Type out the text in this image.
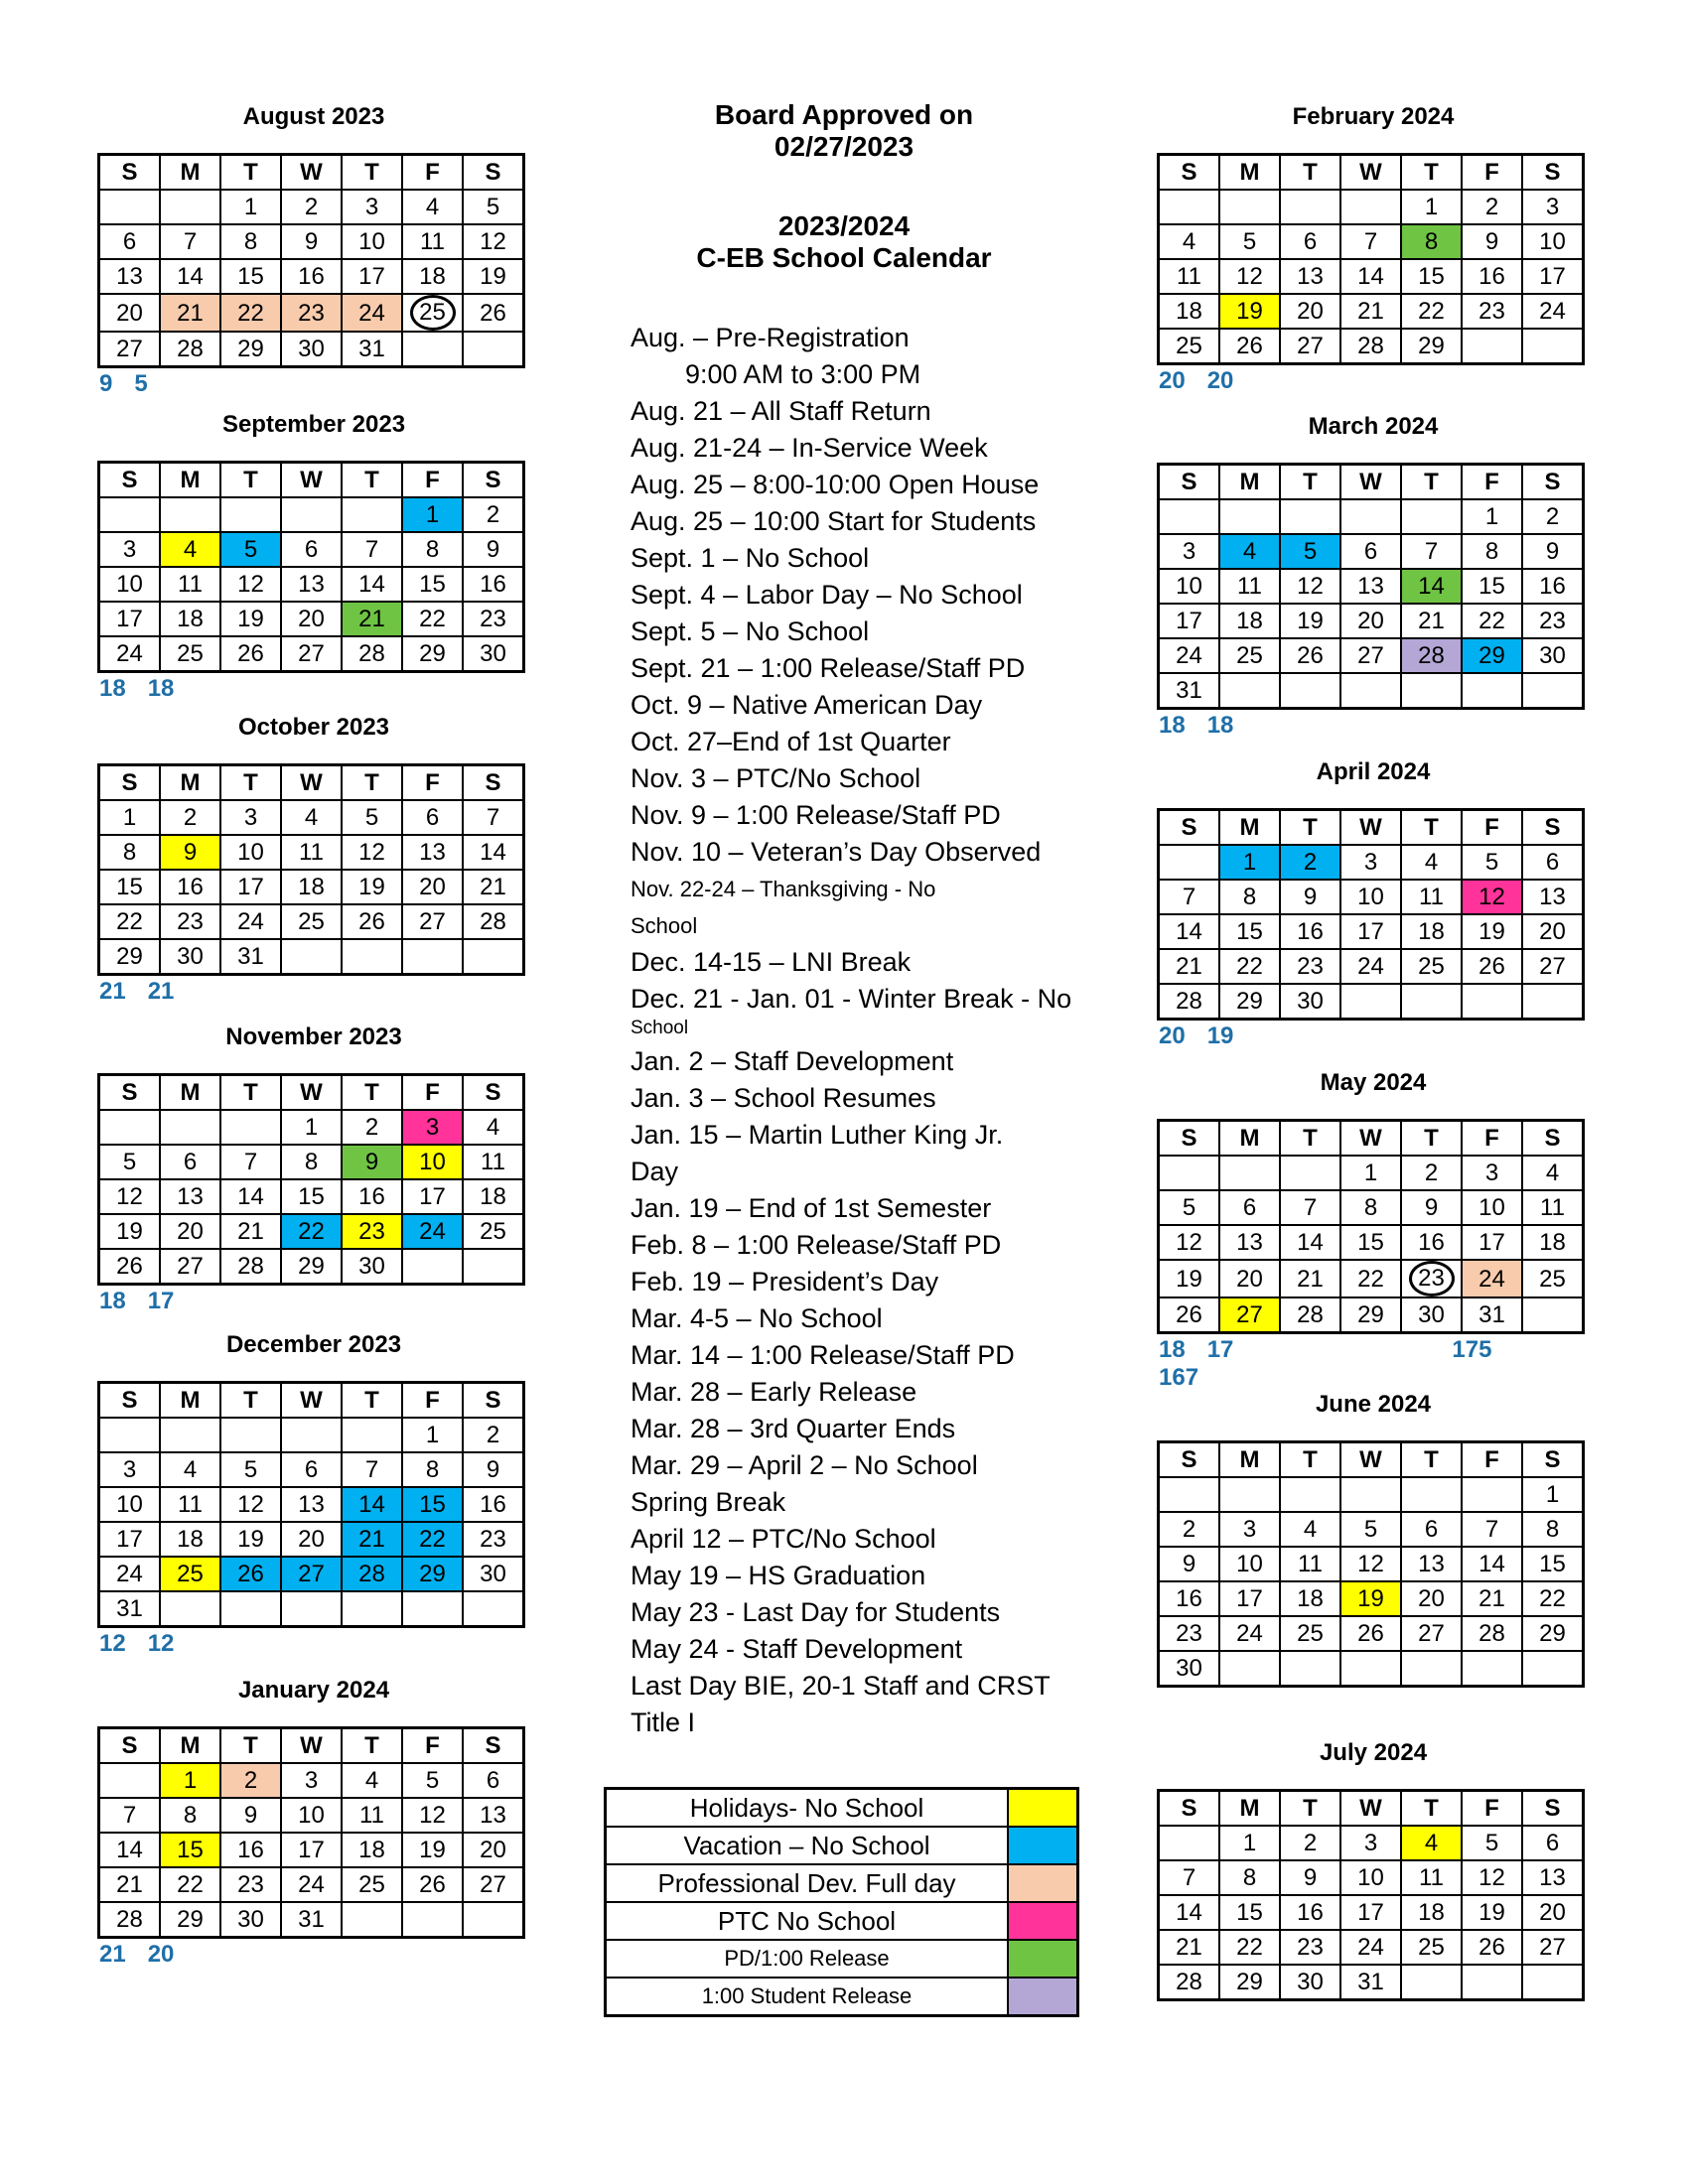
Board Approved on
02/27/2023
2023/2024
C-EB School Calendar
Aug. – Pre-Registration
9:00 AM to 3:00 PM
Aug. 21 – All Staff Return
Aug. 21-24 – In-Service Week
Aug. 25 – 8:00-10:00 Open House
Aug. 25 – 10:00 Start for Students
Sept. 1 – No School
Sept. 4 – Labor Day – No School
Sept. 5 – No School
Sept. 21 – 1:00 Release/Staff PD
Oct. 9 – Native American Day
Oct. 27–End of 1st Quarter
Nov. 3 – PTC/No School
Nov. 9 – 1:00 Release/Staff PD
Nov. 10 – Veteran’s Day Observed
Nov. 22-24 – Thanksgiving - No
School
Dec. 14-15 – LNI Break
Dec. 21 - Jan. 01 - Winter Break - No
School
Jan. 2 – Staff Development
Jan. 3 – School Resumes
Jan. 15 – Martin Luther King Jr.
Day
Jan. 19 – End of 1st Semester
Feb. 8 – 1:00 Release/Staff PD
Feb. 19 – President’s Day
Mar. 4-5 – No School
Mar. 14 – 1:00 Release/Staff PD
Mar. 28 – Early Release
Mar. 28 – 3rd Quarter Ends
Mar. 29 – April 2 – No School
Spring Break
April 12 – PTC/No School
May 19 – HS Graduation
May 23 - Last Day for Students
May 24 - Staff Development
Last Day BIE, 20-1 Staff and CRST
Title I
Holidays- No School	
Vacation – No School	
Professional Dev. Full day	
PTC No School	
PD/1:00 Release	
1:00 Student Release	
August 2023
S	M	T	W	T	F	S
		1	2	3	4	5
6	7	8	9	10	11	12
13	14	15	16	17	18	19
20	21	22	23	24	25	26
27	28	29	30	31		
9 5
September 2023
S	M	T	W	T	F	S
					1	2
3	4	5	6	7	8	9
10	11	12	13	14	15	16
17	18	19	20	21	22	23
24	25	26	27	28	29	30
18 18
October 2023
S	M	T	W	T	F	S
1	2	3	4	5	6	7
8	9	10	11	12	13	14
15	16	17	18	19	20	21
22	23	24	25	26	27	28
29	30	31				
21 21
November 2023
S	M	T	W	T	F	S
			1	2	3	4
5	6	7	8	9	10	11
12	13	14	15	16	17	18
19	20	21	22	23	24	25
26	27	28	29	30		
18 17
December 2023
S	M	T	W	T	F	S
					1	2
3	4	5	6	7	8	9
10	11	12	13	14	15	16
17	18	19	20	21	22	23
24	25	26	27	28	29	30
31						
12 12
January 2024
S	M	T	W	T	F	S
	1	2	3	4	5	6
7	8	9	10	11	12	13
14	15	16	17	18	19	20
21	22	23	24	25	26	27
28	29	30	31			
21 20
February 2024
S	M	T	W	T	F	S
				1	2	3
4	5	6	7	8	9	10
11	12	13	14	15	16	17
18	19	20	21	22	23	24
25	26	27	28	29		
20 20
March 2024
S	M	T	W	T	F	S
					1	2
3	4	5	6	7	8	9
10	11	12	13	14	15	16
17	18	19	20	21	22	23
24	25	26	27	28	29	30
31						
18 18
April 2024
S	M	T	W	T	F	S
	1	2	3	4	5	6
7	8	9	10	11	12	13
14	15	16	17	18	19	20
21	22	23	24	25	26	27
28	29	30				
20 19
May 2024
S	M	T	W	T	F	S
			1	2	3	4
5	6	7	8	9	10	11
12	13	14	15	16	17	18
19	20	21	22	23	24	25
26	27	28	29	30	31	
18 17	175167
June 2024
S	M	T	W	T	F	S
						1
2	3	4	5	6	7	8
9	10	11	12	13	14	15
16	17	18	19	20	21	22
23	24	25	26	27	28	29
30						
July 2024
S	M	T	W	T	F	S
	1	2	3	4	5	6
7	8	9	10	11	12	13
14	15	16	17	18	19	20
21	22	23	24	25	26	27
28	29	30	31			
